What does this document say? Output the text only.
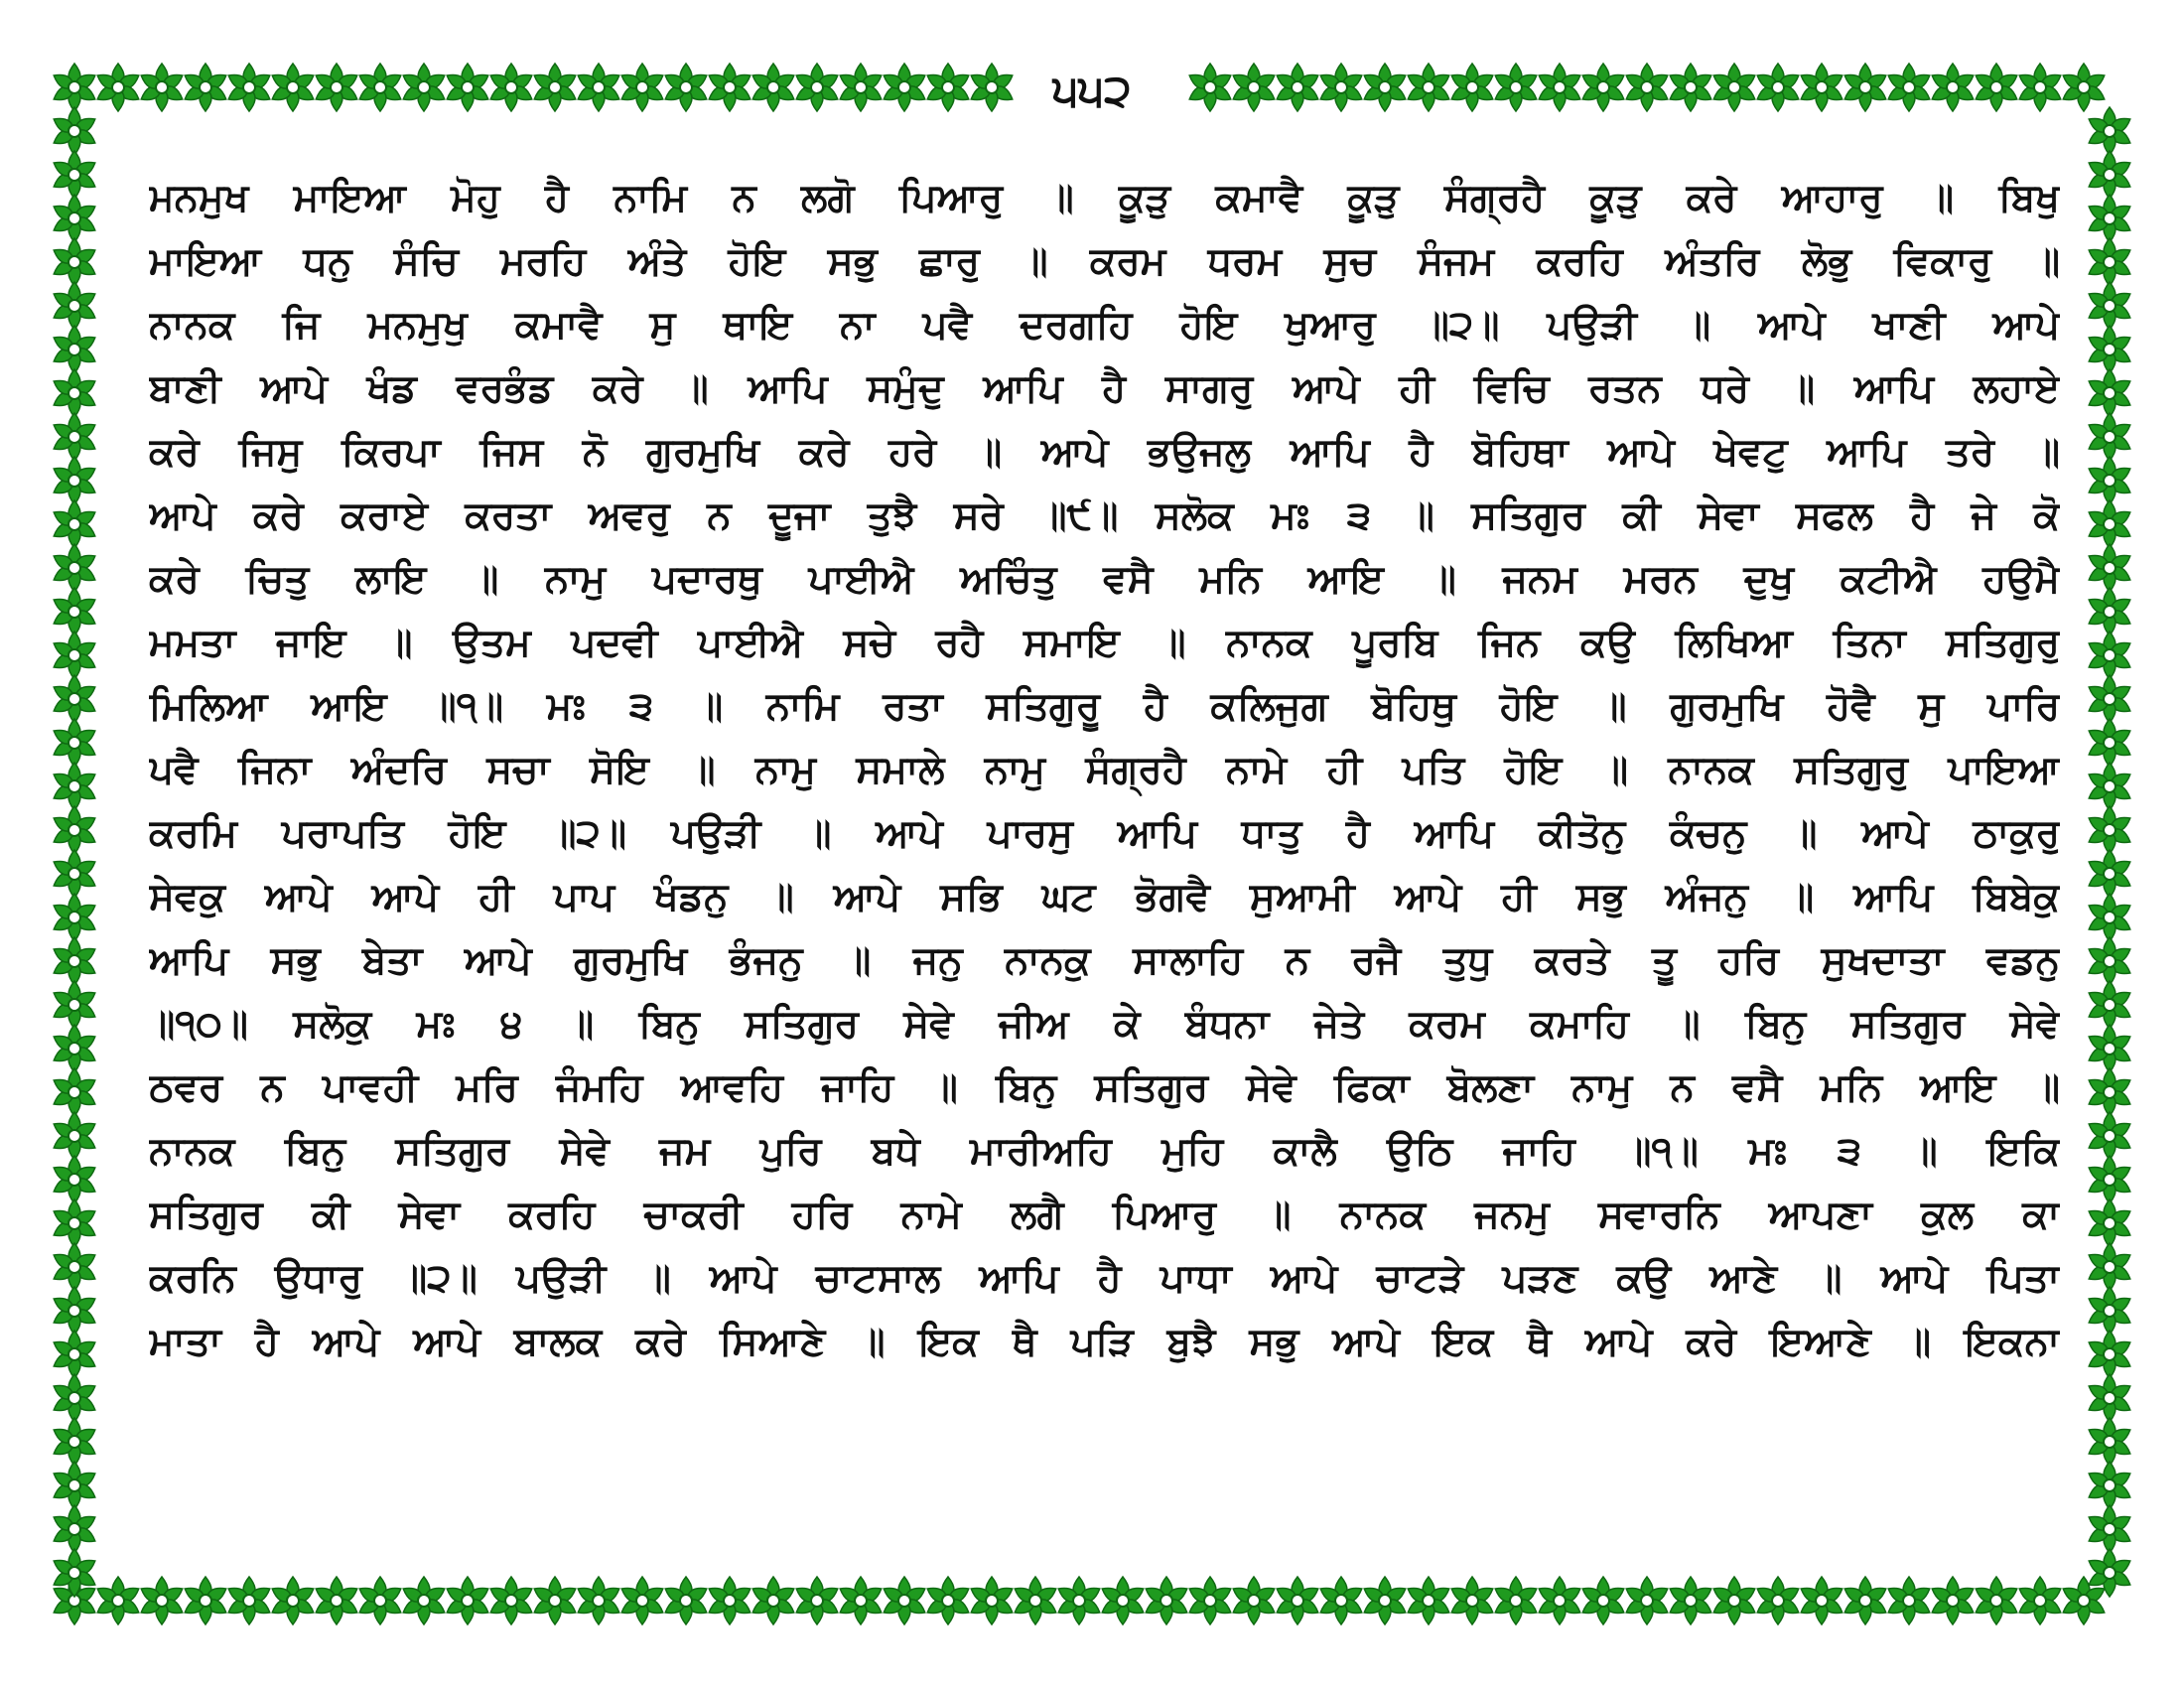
੫੫੨
ਮਨਮੁਖ ਮਾਇਆ ਮੋਹੁ ਹੈ ਨਾਮਿ ਨ ਲਗੋ ਪਿਆਰੁ ॥ ਕੂੜੁ ਕਮਾਵੈ ਕੂੜੁ ਸੰਗ੍ਰਹੈ ਕੂੜੁ ਕਰੇ ਆਹਾਰੁ ॥ ਬਿਖੁ
ਮਾਇਆ ਧਨੁ ਸੰਚਿ ਮਰਹਿ ਅੰਤੇ ਹੋਇ ਸਭੁ ਛਾਰੁ ॥ ਕਰਮ ਧਰਮ ਸੁਚ ਸੰਜਮ ਕਰਹਿ ਅੰਤਰਿ ਲੋਭੁ ਵਿਕਾਰੁ ॥
ਨਾਨਕ ਜਿ ਮਨਮੁਖੁ ਕਮਾਵੈ ਸੁ ਥਾਇ ਨਾ ਪਵੈ ਦਰਗਹਿ ਹੋਇ ਖੁਆਰੁ ॥੨॥ ਪਉੜੀ ॥ ਆਪੇ ਖਾਣੀ ਆਪੇ
ਬਾਣੀ ਆਪੇ ਖੰਡ ਵਰਭੰਡ ਕਰੇ ॥ ਆਪਿ ਸਮੁੰਦੁ ਆਪਿ ਹੈ ਸਾਗਰੁ ਆਪੇ ਹੀ ਵਿਚਿ ਰਤਨ ਧਰੇ ॥ ਆਪਿ ਲਹਾਏ
ਕਰੇ ਜਿਸੁ ਕਿਰਪਾ ਜਿਸ ਨੋ ਗੁਰਮੁਖਿ ਕਰੇ ਹਰੇ ॥ ਆਪੇ ਭਉਜਲੁ ਆਪਿ ਹੈ ਬੋਹਿਥਾ ਆਪੇ ਖੇਵਟੁ ਆਪਿ ਤਰੇ ॥
ਆਪੇ ਕਰੇ ਕਰਾਏ ਕਰਤਾ ਅਵਰੁ ਨ ਦੂਜਾ ਤੁਝੈ ਸਰੇ ॥੯॥ ਸਲੋਕ ਮਃ ੩ ॥ ਸਤਿਗੁਰ ਕੀ ਸੇਵਾ ਸਫਲ ਹੈ ਜੇ ਕੋ
ਕਰੇ ਚਿਤੁ ਲਾਇ ॥ ਨਾਮੁ ਪਦਾਰਥੁ ਪਾਈਐ ਅਚਿੰਤੁ ਵਸੈ ਮਨਿ ਆਇ ॥ ਜਨਮ ਮਰਨ ਦੁਖੁ ਕਟੀਐ ਹਉਮੈ
ਮਮਤਾ ਜਾਇ ॥ ਉਤਮ ਪਦਵੀ ਪਾਈਐ ਸਚੇ ਰਹੈ ਸਮਾਇ ॥ ਨਾਨਕ ਪੂਰਬਿ ਜਿਨ ਕਉ ਲਿਖਿਆ ਤਿਨਾ ਸਤਿਗੁਰੁ
ਮਿਲਿਆ ਆਇ ॥੧॥ ਮਃ ੩ ॥ ਨਾਮਿ ਰਤਾ ਸਤਿਗੁਰੂ ਹੈ ਕਲਿਜੁਗ ਬੋਹਿਥੁ ਹੋਇ ॥ ਗੁਰਮੁਖਿ ਹੋਵੈ ਸੁ ਪਾਰਿ
ਪਵੈ ਜਿਨਾ ਅੰਦਰਿ ਸਚਾ ਸੋਇ ॥ ਨਾਮੁ ਸਮਾਲੇ ਨਾਮੁ ਸੰਗ੍ਰਹੈ ਨਾਮੇ ਹੀ ਪਤਿ ਹੋਇ ॥ ਨਾਨਕ ਸਤਿਗੁਰੁ ਪਾਇਆ
ਕਰਮਿ ਪਰਾਪਤਿ ਹੋਇ ॥੨॥ ਪਉੜੀ ॥ ਆਪੇ ਪਾਰਸੁ ਆਪਿ ਧਾਤੁ ਹੈ ਆਪਿ ਕੀਤੋਨੁ ਕੰਚਨੁ ॥ ਆਪੇ ਠਾਕੁਰੁ
ਸੇਵਕੁ ਆਪੇ ਆਪੇ ਹੀ ਪਾਪ ਖੰਡਨੁ ॥ ਆਪੇ ਸਭਿ ਘਟ ਭੋਗਵੈ ਸੁਆਮੀ ਆਪੇ ਹੀ ਸਭੁ ਅੰਜਨੁ ॥ ਆਪਿ ਬਿਬੇਕੁ
ਆਪਿ ਸਭੁ ਬੇਤਾ ਆਪੇ ਗੁਰਮੁਖਿ ਭੰਜਨੁ ॥ ਜਨੁ ਨਾਨਕੁ ਸਾਲਾਹਿ ਨ ਰਜੈ ਤੁਧੁ ਕਰਤੇ ਤੂ ਹਰਿ ਸੁਖਦਾਤਾ ਵਡਨੁ
॥੧੦॥ ਸਲੋਕੁ ਮਃ ੪ ॥ ਬਿਨੁ ਸਤਿਗੁਰ ਸੇਵੇ ਜੀਅ ਕੇ ਬੰਧਨਾ ਜੇਤੇ ਕਰਮ ਕਮਾਹਿ ॥ ਬਿਨੁ ਸਤਿਗੁਰ ਸੇਵੇ
ਠਵਰ ਨ ਪਾਵਹੀ ਮਰਿ ਜੰਮਹਿ ਆਵਹਿ ਜਾਹਿ ॥ ਬਿਨੁ ਸਤਿਗੁਰ ਸੇਵੇ ਫਿਕਾ ਬੋਲਣਾ ਨਾਮੁ ਨ ਵਸੈ ਮਨਿ ਆਇ ॥
ਨਾਨਕ ਬਿਨੁ ਸਤਿਗੁਰ ਸੇਵੇ ਜਮ ਪੁਰਿ ਬਧੇ ਮਾਰੀਅਹਿ ਮੁਹਿ ਕਾਲੈ ਉਠਿ ਜਾਹਿ ॥੧॥ ਮਃ ੩ ॥ ਇਕਿ
ਸਤਿਗੁਰ ਕੀ ਸੇਵਾ ਕਰਹਿ ਚਾਕਰੀ ਹਰਿ ਨਾਮੇ ਲਗੈ ਪਿਆਰੁ ॥ ਨਾਨਕ ਜਨਮੁ ਸਵਾਰਨਿ ਆਪਣਾ ਕੁਲ ਕਾ
ਕਰਨਿ ਉਧਾਰੁ ॥੨॥ ਪਉੜੀ ॥ ਆਪੇ ਚਾਟਸਾਲ ਆਪਿ ਹੈ ਪਾਧਾ ਆਪੇ ਚਾਟੜੇ ਪੜਣ ਕਉ ਆਣੇ ॥ ਆਪੇ ਪਿਤਾ
ਮਾਤਾ ਹੈ ਆਪੇ ਆਪੇ ਬਾਲਕ ਕਰੇ ਸਿਆਣੇ ॥ ਇਕ ਥੈ ਪੜਿ ਬੁਝੈ ਸਭੁ ਆਪੇ ਇਕ ਥੈ ਆਪੇ ਕਰੇ ਇਆਣੇ ॥ ਇਕਨਾ
